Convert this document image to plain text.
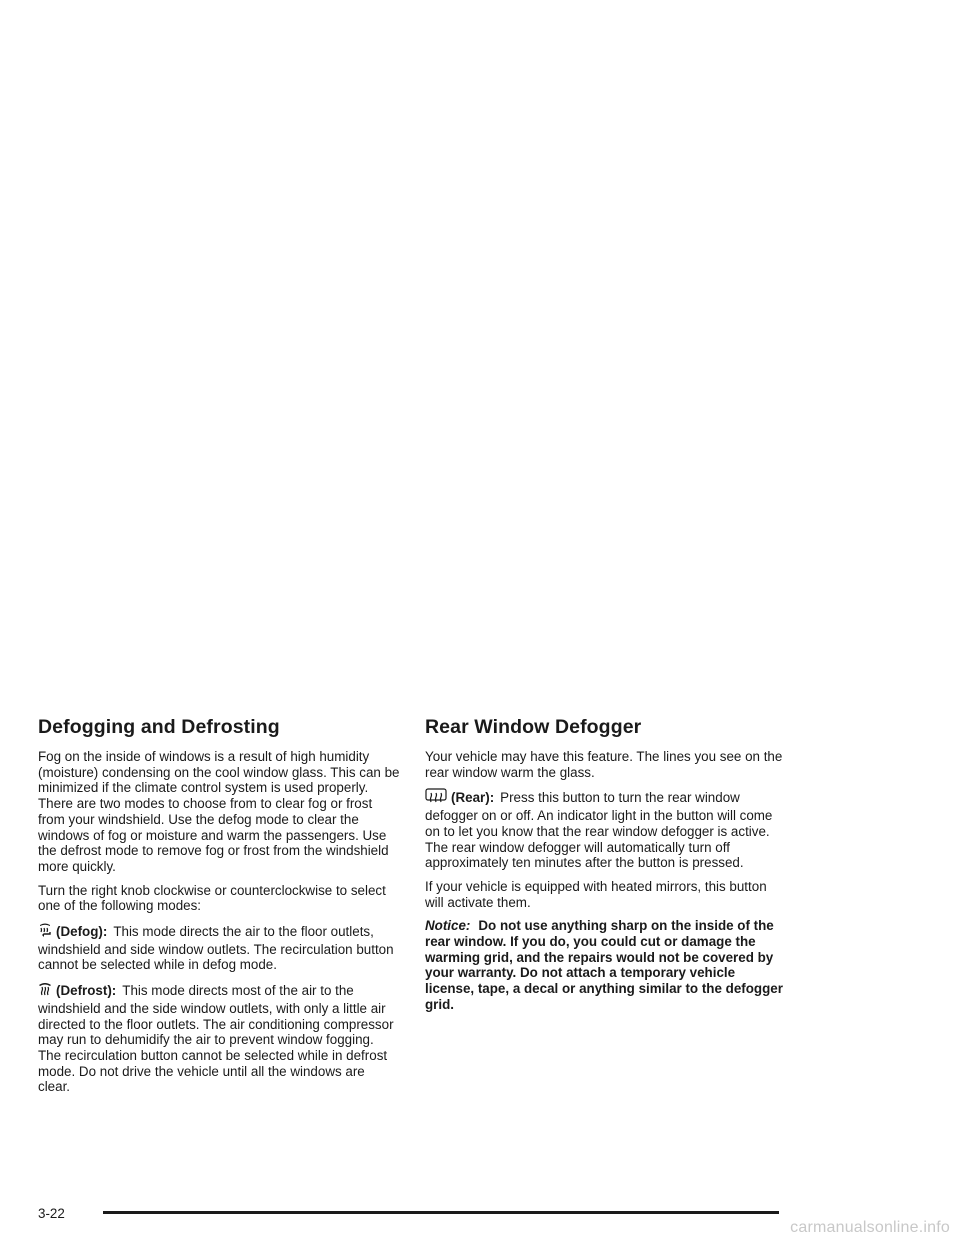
Defogging and Defrosting

Fog on the inside of windows is a result of high humidity (moisture) condensing on the cool window glass. This can be minimized if the climate control system is used properly. There are two modes to choose from to clear fog or frost from your windshield. Use the defog mode to clear the windows of fog or moisture and warm the passengers. Use the defrost mode to remove fog or frost from the windshield more quickly.

Turn the right knob clockwise or counterclockwise to select one of the following modes:

(Defog): This mode directs the air to the floor outlets, windshield and side window outlets. The recirculation button cannot be selected while in defog mode.

(Defrost): This mode directs most of the air to the windshield and the side window outlets, with only a little air directed to the floor outlets. The air conditioning compressor may run to dehumidify the air to prevent window fogging. The recirculation button cannot be selected while in defrost mode. Do not drive the vehicle until all the windows are clear.

Rear Window Defogger

Your vehicle may have this feature. The lines you see on the rear window warm the glass.

(Rear): Press this button to turn the rear window defogger on or off. An indicator light in the button will come on to let you know that the rear window defogger is active. The rear window defogger will automatically turn off approximately ten minutes after the button is pressed.

If your vehicle is equipped with heated mirrors, this button will activate them.

Notice: Do not use anything sharp on the inside of the rear window. If you do, you could cut or damage the warming grid, and the repairs would not be covered by your warranty. Do not attach a temporary vehicle license, tape, a decal or anything similar to the defogger grid.

3-22
carmanualsonline.info
